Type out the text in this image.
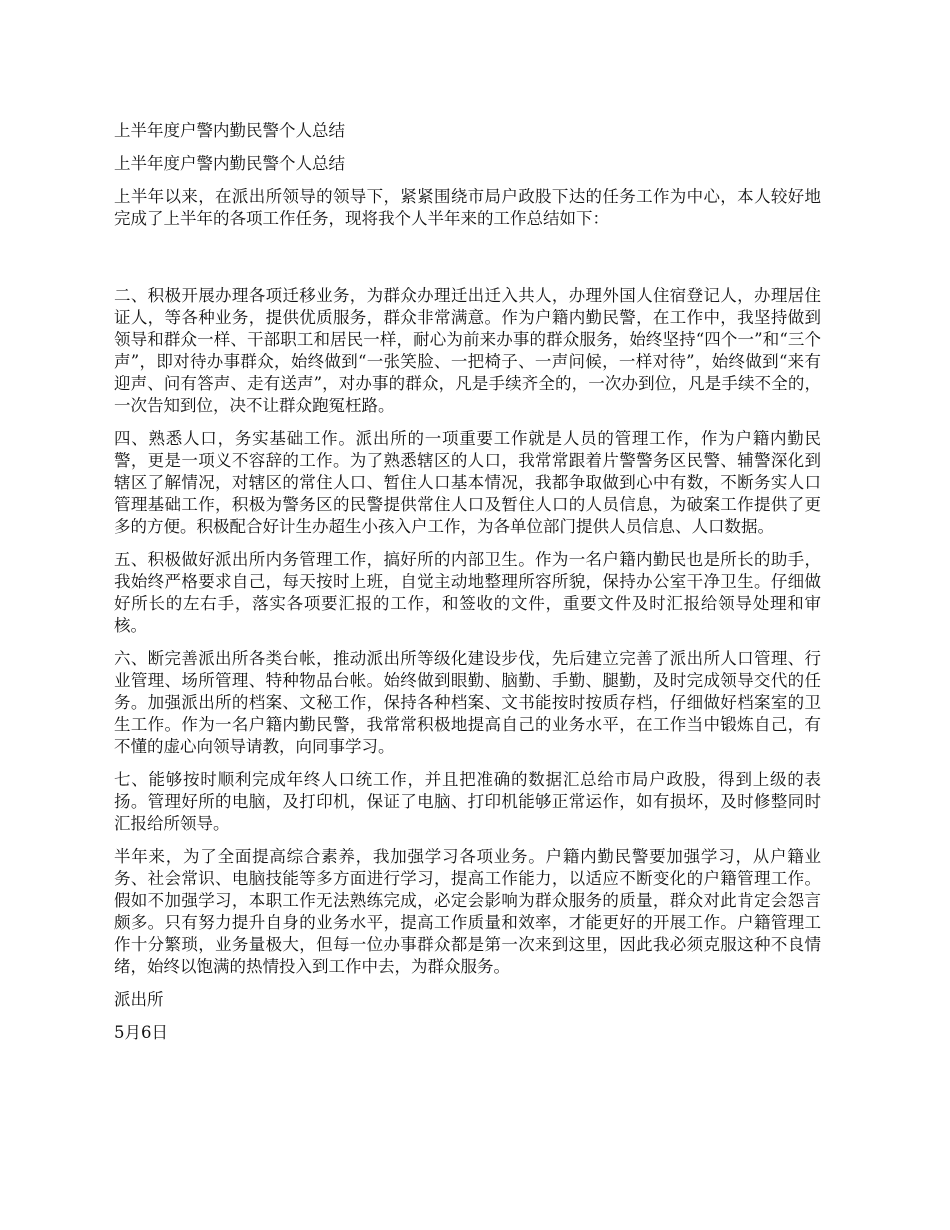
上半年度户警内勤民警个人总结

上半年度户警内勤民警个人总结

上半年以来，在派出所领导的领导下，紧紧围绕市局户政股下达的任务工作为中心，本人较好地完成了上半年的各项工作任务，现将我个人半年来的工作总结如下：

二、积极开展办理各项迁移业务，为群众办理迁出迁入共人，办理外国人住宿登记人，办理居住证人，等各种业务，提供优质服务，群众非常满意。作为户籍内勤民警，在工作中，我坚持做到领导和群众一样、干部职工和居民一样，耐心为前来办事的群众服务，始终坚持“四个一”和“三个声”，即对待办事群众，始终做到“一张笑脸、一把椅子、一声问候，一样对待”，始终做到“来有迎声、问有答声、走有送声”，对办事的群众，凡是手续齐全的，一次办到位，凡是手续不全的，一次告知到位，决不让群众跑冤枉路。

四、熟悉人口，务实基础工作。派出所的一项重要工作就是人员的管理工作，作为户籍内勤民警，更是一项义不容辞的工作。为了熟悉辖区的人口，我常常跟着片警警务区民警、辅警深化到辖区了解情况，对辖区的常住人口、暂住人口基本情况，我都争取做到心中有数，不断务实人口管理基础工作，积极为警务区的民警提供常住人口及暂住人口的人员信息，为破案工作提供了更多的方便。积极配合好计生办超生小孩入户工作，为各单位部门提供人员信息、人口数据。

五、积极做好派出所内务管理工作，搞好所的内部卫生。作为一名户籍内勤民也是所长的助手，我始终严格要求自己，每天按时上班，自觉主动地整理所容所貌，保持办公室干净卫生。仔细做好所长的左右手，落实各项要汇报的工作，和签收的文件，重要文件及时汇报给领导处理和审核。

六、断完善派出所各类台帐，推动派出所等级化建设步伐，先后建立完善了派出所人口管理、行业管理、场所管理、特种物品台帐。始终做到眼勤、脑勤、手勤、腿勤，及时完成领导交代的任务。加强派出所的档案、文秘工作，保持各种档案、文书能按时按质存档，仔细做好档案室的卫生工作。作为一名户籍内勤民警，我常常积极地提高自己的业务水平，在工作当中锻炼自己，有不懂的虚心向领导请教，向同事学习。

七、能够按时顺利完成年终人口统工作，并且把准确的数据汇总给市局户政股，得到上级的表扬。管理好所的电脑，及打印机，保证了电脑、打印机能够正常运作，如有损坏，及时修整同时汇报给所领导。

半年来，为了全面提高综合素养，我加强学习各项业务。户籍内勤民警要加强学习，从户籍业务、社会常识、电脑技能等多方面进行学习，提高工作能力，以适应不断变化的户籍管理工作。假如不加强学习，本职工作无法熟练完成，必定会影响为群众服务的质量，群众对此肯定会怨言颇多。只有努力提升自身的业务水平，提高工作质量和效率，才能更好的开展工作。户籍管理工作十分繁琐，业务量极大，但每一位办事群众都是第一次来到这里，因此我必须克服这种不良情绪，始终以饱满的热情投入到工作中去，为群众服务。

派出所

5月6日
